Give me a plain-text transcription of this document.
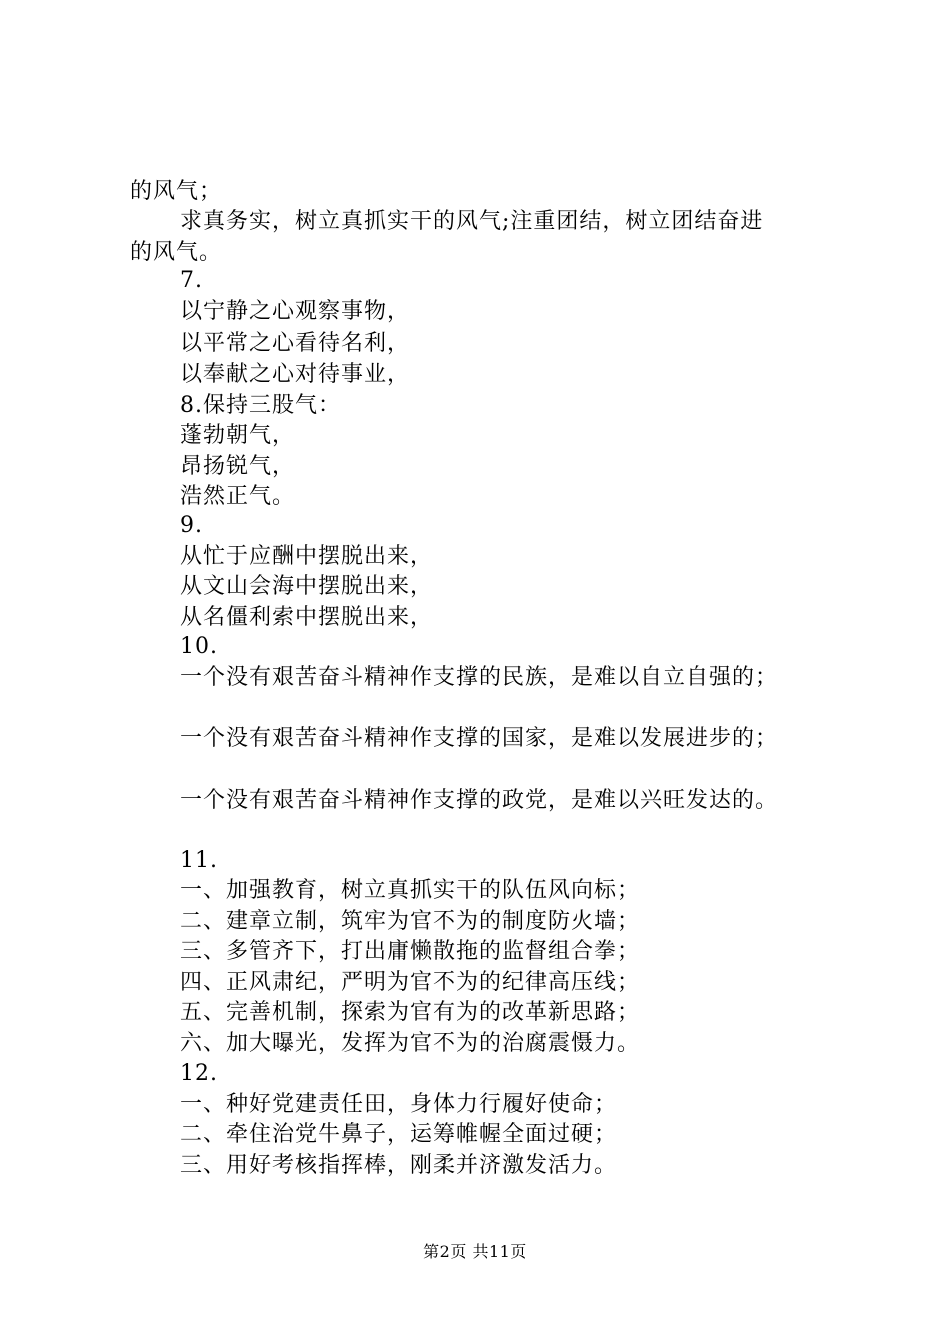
的风气；
求真务实，树立真抓实干的风气;注重团结，树立团结奋进
的风气。
7.
以宁静之心观察事物，
以平常之心看待名利，
以奉献之心对待事业，
8.保持三股气：
蓬勃朝气，
昂扬锐气，
浩然正气。
9.
从忙于应酬中摆脱出来，
从文山会海中摆脱出来，
从名僵利索中摆脱出来，
10.
一个没有艰苦奋斗精神作支撑的民族，是难以自立自强的；
一个没有艰苦奋斗精神作支撑的国家，是难以发展进步的；
一个没有艰苦奋斗精神作支撑的政党，是难以兴旺发达的。
11.
一、加强教育，树立真抓实干的队伍风向标；
二、建章立制，筑牢为官不为的制度防火墙；
三、多管齐下，打出庸懒散拖的监督组合拳；
四、正风肃纪，严明为官不为的纪律高压线；
五、完善机制，探索为官有为的改革新思路；
六、加大曝光，发挥为官不为的治腐震慑力。
12.
一、种好党建责任田，身体力行履好使命；
二、牵住治党牛鼻子，运筹帷幄全面过硬；
三、用好考核指挥棒，刚柔并济激发活力。
第2页 共11页
